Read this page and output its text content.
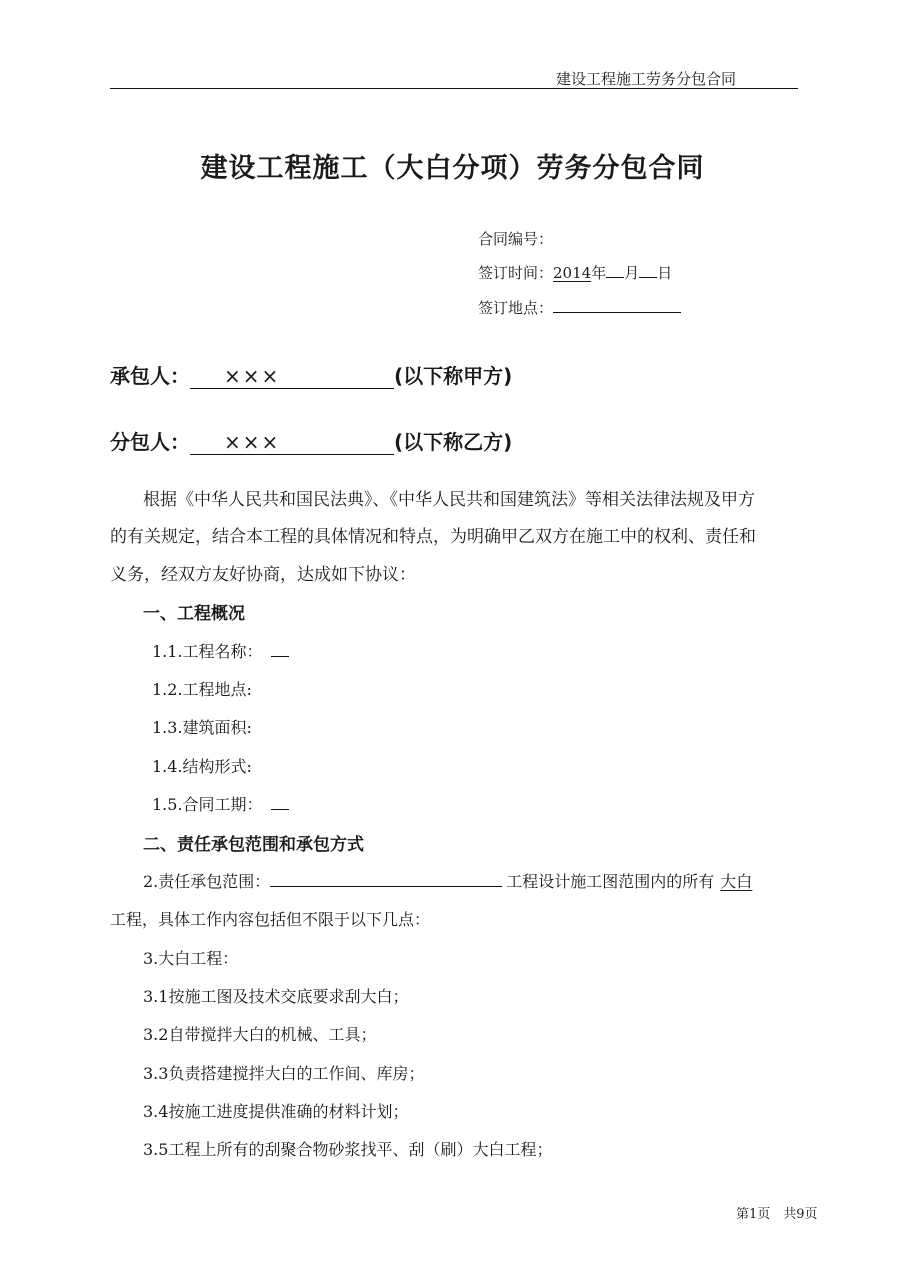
建设工程施工劳务分包合同
建设工程施工（大白分项）劳务分包合同
合同编号：
签订时间：2014年 月 日
签订地点：
承包人： ×××	(以下称甲方)
分包人： ×××	(以下称乙方)
根据《中华人民共和国民法典》、《中华人民共和国建筑法》等相关法律法规及甲方
的有关规定，结合本工程的具体情况和特点，为明确甲乙双方在施工中的权利、责任和
义务，经双方友好协商，达成如下协议：
一、工程概况
1.1.工程名称：
1.2.工程地点:
1.3.建筑面积:
1.4.结构形式:
1.5.合同工期：
二、责任承包范围和承包方式
2.责任承包范围：	工程设计施工图范围内的所有 大白
工程，具体工作内容包括但不限于以下几点：
3.大白工程：
3.1按施工图及技术交底要求刮大白；
3.2自带搅拌大白的机械、工具；
3.3负责搭建搅拌大白的工作间、库房；
3.4按施工进度提供准确的材料计划；
3.5工程上所有的刮聚合物砂浆找平、刮（刷）大白工程；
第1页　共9页
